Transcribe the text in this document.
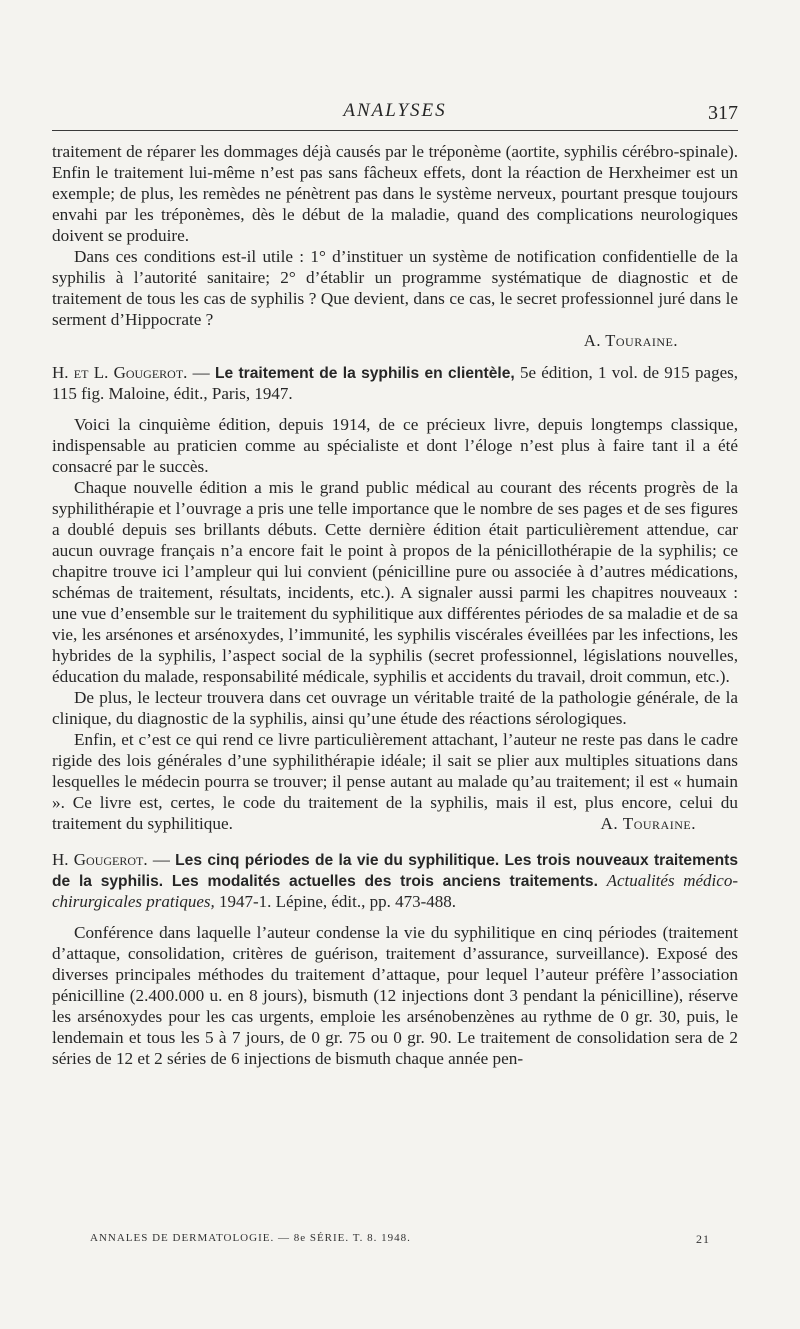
ANALYSES	317

traitement de réparer les dommages déjà causés par le tréponème (aortite, syphilis cérébro-spinale). Enfin le traitement lui-même n’est pas sans fâcheux effets, dont la réaction de Herxheimer est un exemple; de plus, les remèdes ne pénètrent pas dans le système nerveux, pourtant presque toujours envahi par les tréponèmes, dès le début de la maladie, quand des complications neurologiques doivent se produire.

Dans ces conditions est-il utile : 1° d’instituer un système de notification confidentielle de la syphilis à l’autorité sanitaire; 2° d’établir un programme systématique de diagnostic et de traitement de tous les cas de syphilis ? Que devient, dans ce cas, le secret professionnel juré dans le serment d’Hippocrate ?

A. Touraine.
H. et L. Gougerot. — Le traitement de la syphilis en clientèle, 5e édition, 1 vol. de 915 pages, 115 fig. Maloine, édit., Paris, 1947.

Voici la cinquième édition, depuis 1914, de ce précieux livre, depuis longtemps classique, indispensable au praticien comme au spécialiste et dont l’éloge n’est plus à faire tant il a été consacré par le succès.

Chaque nouvelle édition a mis le grand public médical au courant des récents progrès de la syphilithérapie et l’ouvrage a pris une telle importance que le nombre de ses pages et de ses figures a doublé depuis ses brillants débuts. Cette dernière édition était particulièrement attendue, car aucun ouvrage français n’a encore fait le point à propos de la pénicillothérapie de la syphilis; ce chapitre trouve ici l’ampleur qui lui convient (pénicilline pure ou associée à d’autres médications, schémas de traitement, résultats, incidents, etc.). A signaler aussi parmi les chapitres nouveaux : une vue d’ensemble sur le traitement du syphilitique aux différentes périodes de sa maladie et de sa vie, les arsénones et arsénoxydes, l’immunité, les syphilis viscérales éveillées par les infections, les hybrides de la syphilis, l’aspect social de la syphilis (secret professionnel, législations nouvelles, éducation du malade, responsabilité médicale, syphilis et accidents du travail, droit commun, etc.).

De plus, le lecteur trouvera dans cet ouvrage un véritable traité de la pathologie générale, de la clinique, du diagnostic de la syphilis, ainsi qu’une étude des réactions sérologiques.

Enfin, et c’est ce qui rend ce livre particulièrement attachant, l’auteur ne reste pas dans le cadre rigide des lois générales d’une syphilithérapie idéale; il sait se plier aux multiples situations dans lesquelles le médecin pourra se trouver; il pense autant au malade qu’au traitement; il est « humain ». Ce livre est, certes, le code du traitement de la syphilis, mais il est, plus encore, celui du traitement du syphilitique.	A. Touraine.

H. Gougerot. — Les cinq périodes de la vie du syphilitique. Les trois nouveaux traitements de la syphilis. Les modalités actuelles des trois anciens traitements. Actualités médico-chirurgicales pratiques, 1947-1. Lépine, édit., pp. 473-488.

Conférence dans laquelle l’auteur condense la vie du syphilitique en cinq périodes (traitement d’attaque, consolidation, critères de guérison, traitement d’assurance, surveillance). Exposé des diverses principales méthodes du traitement d’attaque, pour lequel l’auteur préfère l’association pénicilline (2.400.000 u. en 8 jours), bismuth (12 injections dont 3 pendant la pénicilline), réserve les arsénoxydes pour les cas urgents, emploie les arsénobenzènes au rythme de 0 gr. 30, puis, le lendemain et tous les 5 à 7 jours, de 0 gr. 75 ou 0 gr. 90. Le traitement de consolidation sera de 2 séries de 12 et 2 séries de 6 injections de bismuth chaque année pen-

ANNALES DE DERMATOLOGIE. — 8e SÉRIE. T. 8. 1948.	21
